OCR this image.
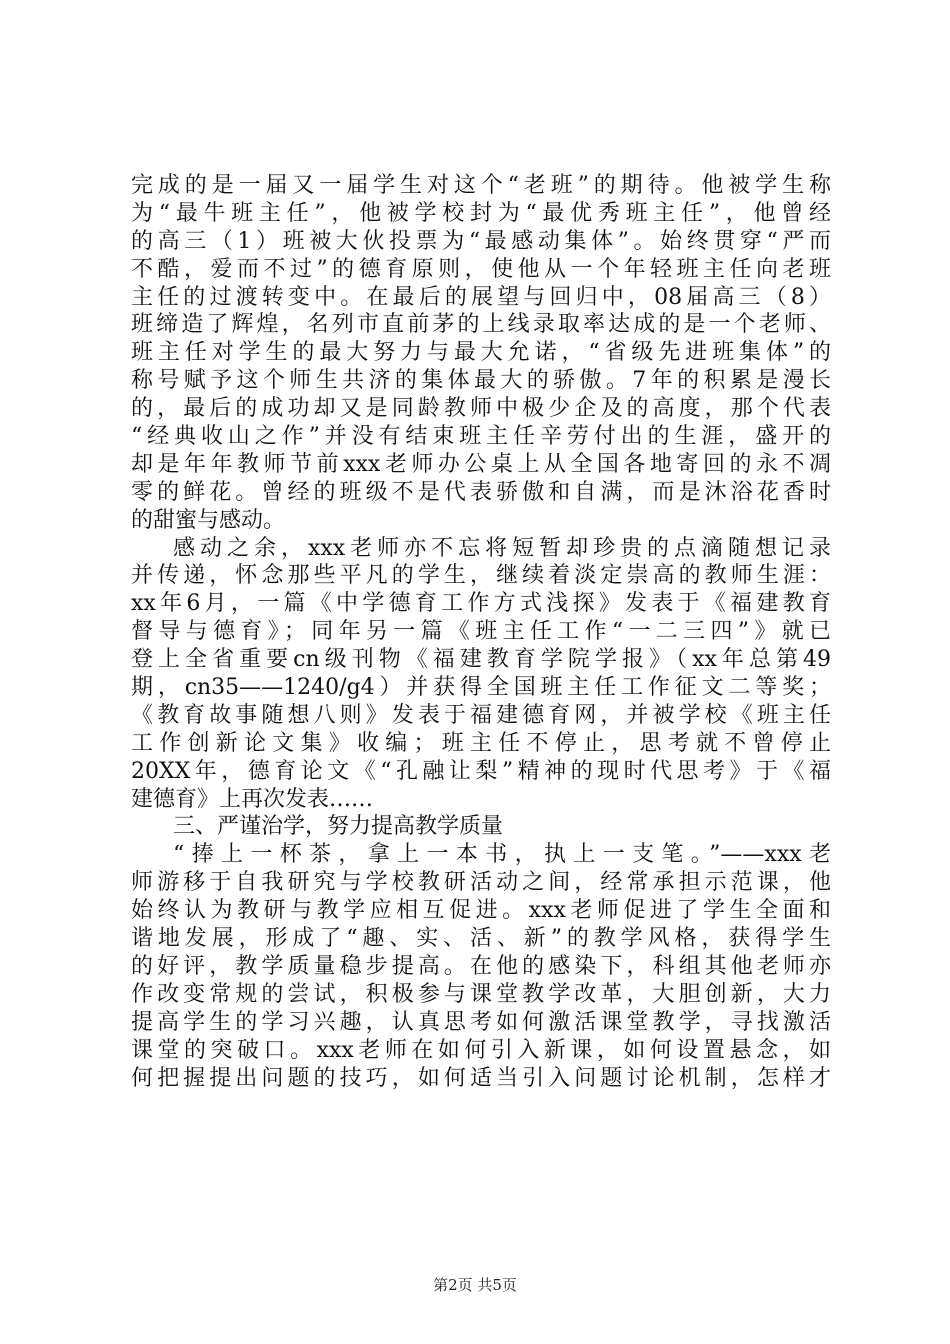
完成的是一届又一届学生对这个“老班”的期待。他被学生称
为“最牛班主任”，他被学校封为“最优秀班主任”，他曾经
的高三（1）班被大伙投票为“最感动集体”。始终贯穿“严而
不酷，爱而不过”的德育原则，使他从一个年轻班主任向老班
主任的过渡转变中。在最后的展望与回归中，08届高三（8）
班缔造了辉煌，名列市直前茅的上线录取率达成的是一个老师、
班主任对学生的最大努力与最大允诺，“省级先进班集体”的
称号赋予这个师生共济的集体最大的骄傲。7年的积累是漫长
的，最后的成功却又是同龄教师中极少企及的高度，那个代表
“经典收山之作”并没有结束班主任辛劳付出的生涯，盛开的
却是年年教师节前xxx老师办公桌上从全国各地寄回的永不凋
零的鲜花。曾经的班级不是代表骄傲和自满，而是沐浴花香时
的甜蜜与感动。
感动之余，xxx老师亦不忘将短暂却珍贵的点滴随想记录
并传递，怀念那些平凡的学生，继续着淡定崇高的教师生涯：
xx年6月，一篇《中学德育工作方式浅探》发表于《福建教育
督导与德育》；同年另一篇《班主任工作“一二三四”》就已
登上全省重要cn级刊物《福建教育学院学报》（xx年总第49
期，cn35——1240/g4）并获得全国班主任工作征文二等奖；
《教育故事随想八则》发表于福建德育网，并被学校《班主任
工作创新论文集》收编；班主任不停止，思考就不曾停止
20XX年，德育论文《“孔融让梨”精神的现时代思考》于《福
建德育》上再次发表……
三、严谨治学，努力提高教学质量
“捧上一杯茶，拿上一本书，执上一支笔。”——xxx老
师游移于自我研究与学校教研活动之间，经常承担示范课，他
始终认为教研与教学应相互促进。xxx老师促进了学生全面和
谐地发展，形成了“趣、实、活、新”的教学风格，获得学生
的好评，教学质量稳步提高。在他的感染下，科组其他老师亦
作改变常规的尝试，积极参与课堂教学改革，大胆创新，大力
提高学生的学习兴趣，认真思考如何激活课堂教学，寻找激活
课堂的突破口。xxx老师在如何引入新课，如何设置悬念，如
何把握提出问题的技巧，如何适当引入问题讨论机制，怎样才
第2页 共5页
